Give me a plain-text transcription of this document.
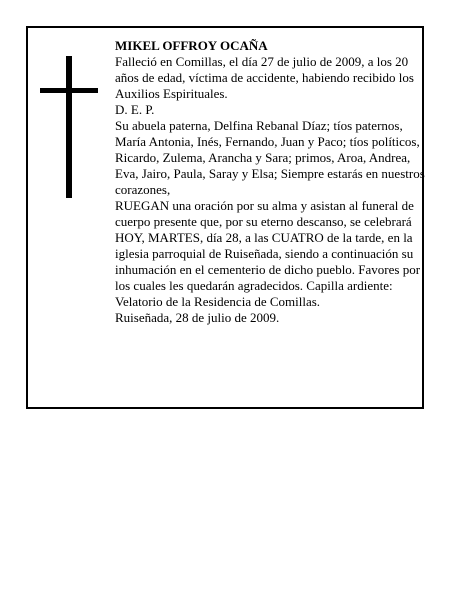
MIKEL OFFROY OCAÑA

Falleció en Comillas, el día 27 de julio de 2009, a los 20 años de edad, víctima de accidente, habiendo recibido los Auxilios Espirituales.

D. E. P.

Su abuela paterna, Delfina Rebanal Díaz; tíos paternos, María Antonia, Inés, Fernando, Juan y Paco; tíos políticos, Ricardo, Zulema, Arancha y Sara; primos, Aroa, Andrea, Eva, Jairo, Paula, Saray y Elsa; Siempre estarás en nuestros corazones,

RUEGAN una oración por su alma y asistan al funeral de cuerpo presente que, por su eterno descanso, se celebrará HOY, MARTES, día 28, a las CUATRO de la tarde, en la iglesia parroquial de Ruiseñada, siendo a continuación su inhumación en el cementerio de dicho pueblo. Favores por los cuales les quedarán agradecidos. Capilla ardiente: Velatorio de la Residencia de Comillas.

Ruiseñada, 28 de julio de 2009.
